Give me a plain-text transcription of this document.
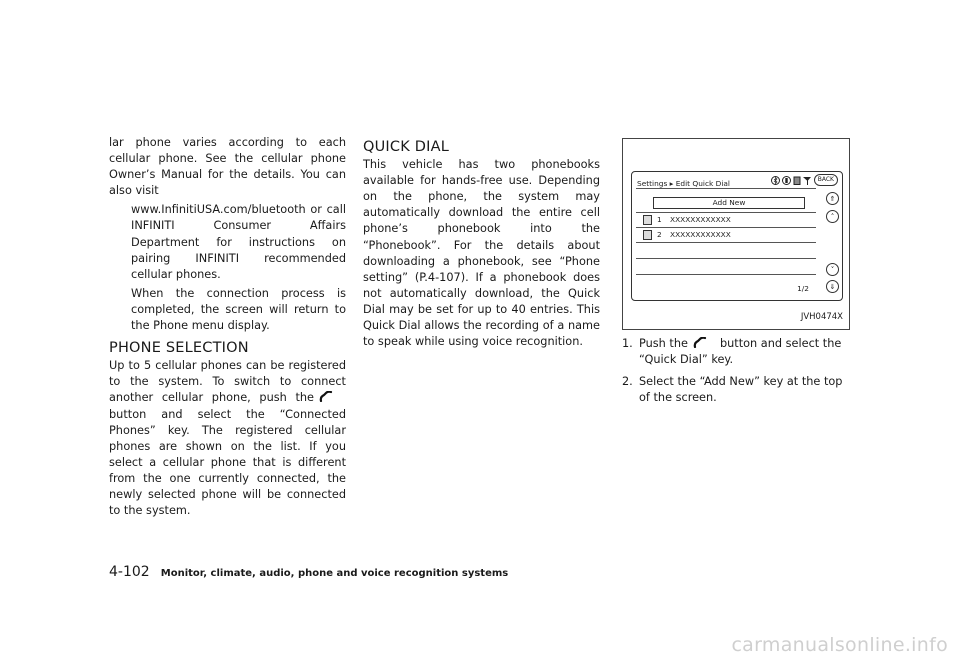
lar phone varies according to each cellular phone. See the cellular phone Owner’s Manual for the details. You can also visit

www.InfinitiUSA.com/bluetooth or call INFINITI Consumer Affairs Department for instructions on pairing INFINITI recommended cellular phones.

When the connection process is completed, the screen will return to the Phone menu display.

PHONE SELECTION

Up to 5 cellular phones can be registered to the system. To switch to connect another cellular phone, push thebutton and select the “Connected Phones” key. The registered cellular phones are shown on the list. If you select a cellular phone that is different from the one currently connected, the newly selected phone will be connected to the system.

QUICK DIAL

This vehicle has two phonebooks available for hands-free use. Depending on the phone, the system may automatically download the entire cell phone’s phonebook into the “Phonebook”. For the details about downloading a phonebook, see “Phone setting” (P.4-107). If a phonebook does not automatically download, the Quick Dial may be set for up to 40 entries. This Quick Dial allows the recording of a name to speak while using voice recognition.

Settings ▸ Edit Quick Dial	BACK
Add New
1	XXXXXXXXXXXX
2	XXXXXXXXXXXX
⇑
˄
˅
⇓
1/2
JVH0474X
1. Push the	button and select the “Quick Dial” key.
2. Select the “Add New” key at the top of the screen.
4-102 Monitor, climate, audio, phone and voice recognition systems
carmanualsonline.info
